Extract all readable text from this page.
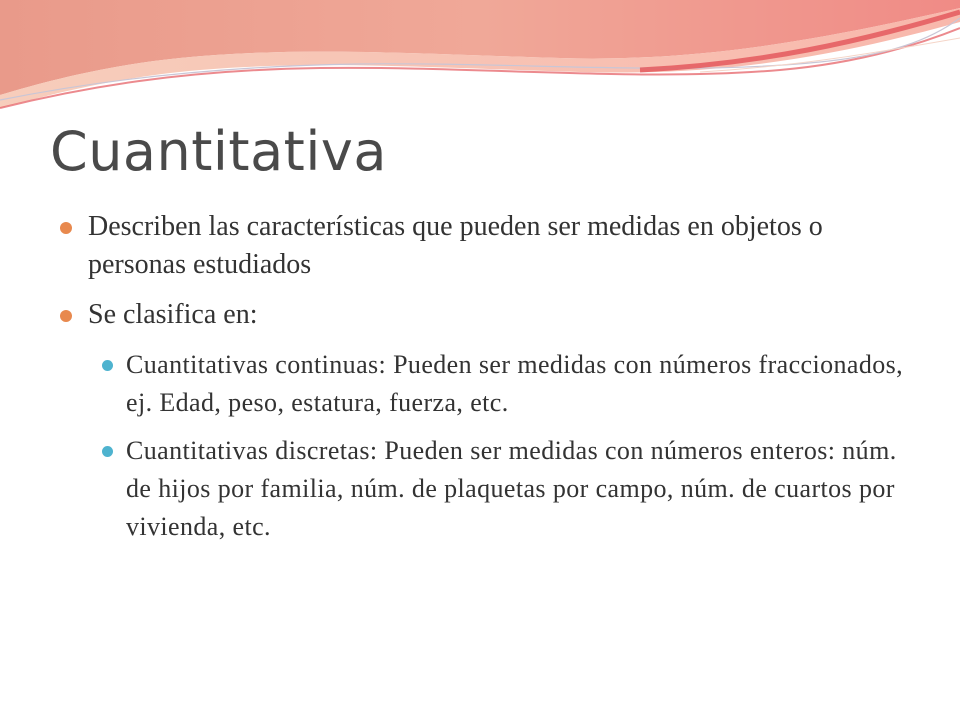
Cuantitativa
Describen las características que pueden ser medidas en objetos o personas estudiados
Se clasifica en:
Cuantitativas continuas: Pueden ser medidas con números fraccionados, ej. Edad, peso, estatura, fuerza, etc.
Cuantitativas discretas: Pueden ser medidas con números enteros: núm. de hijos por familia, núm. de plaquetas por campo, núm. de cuartos por vivienda, etc.
